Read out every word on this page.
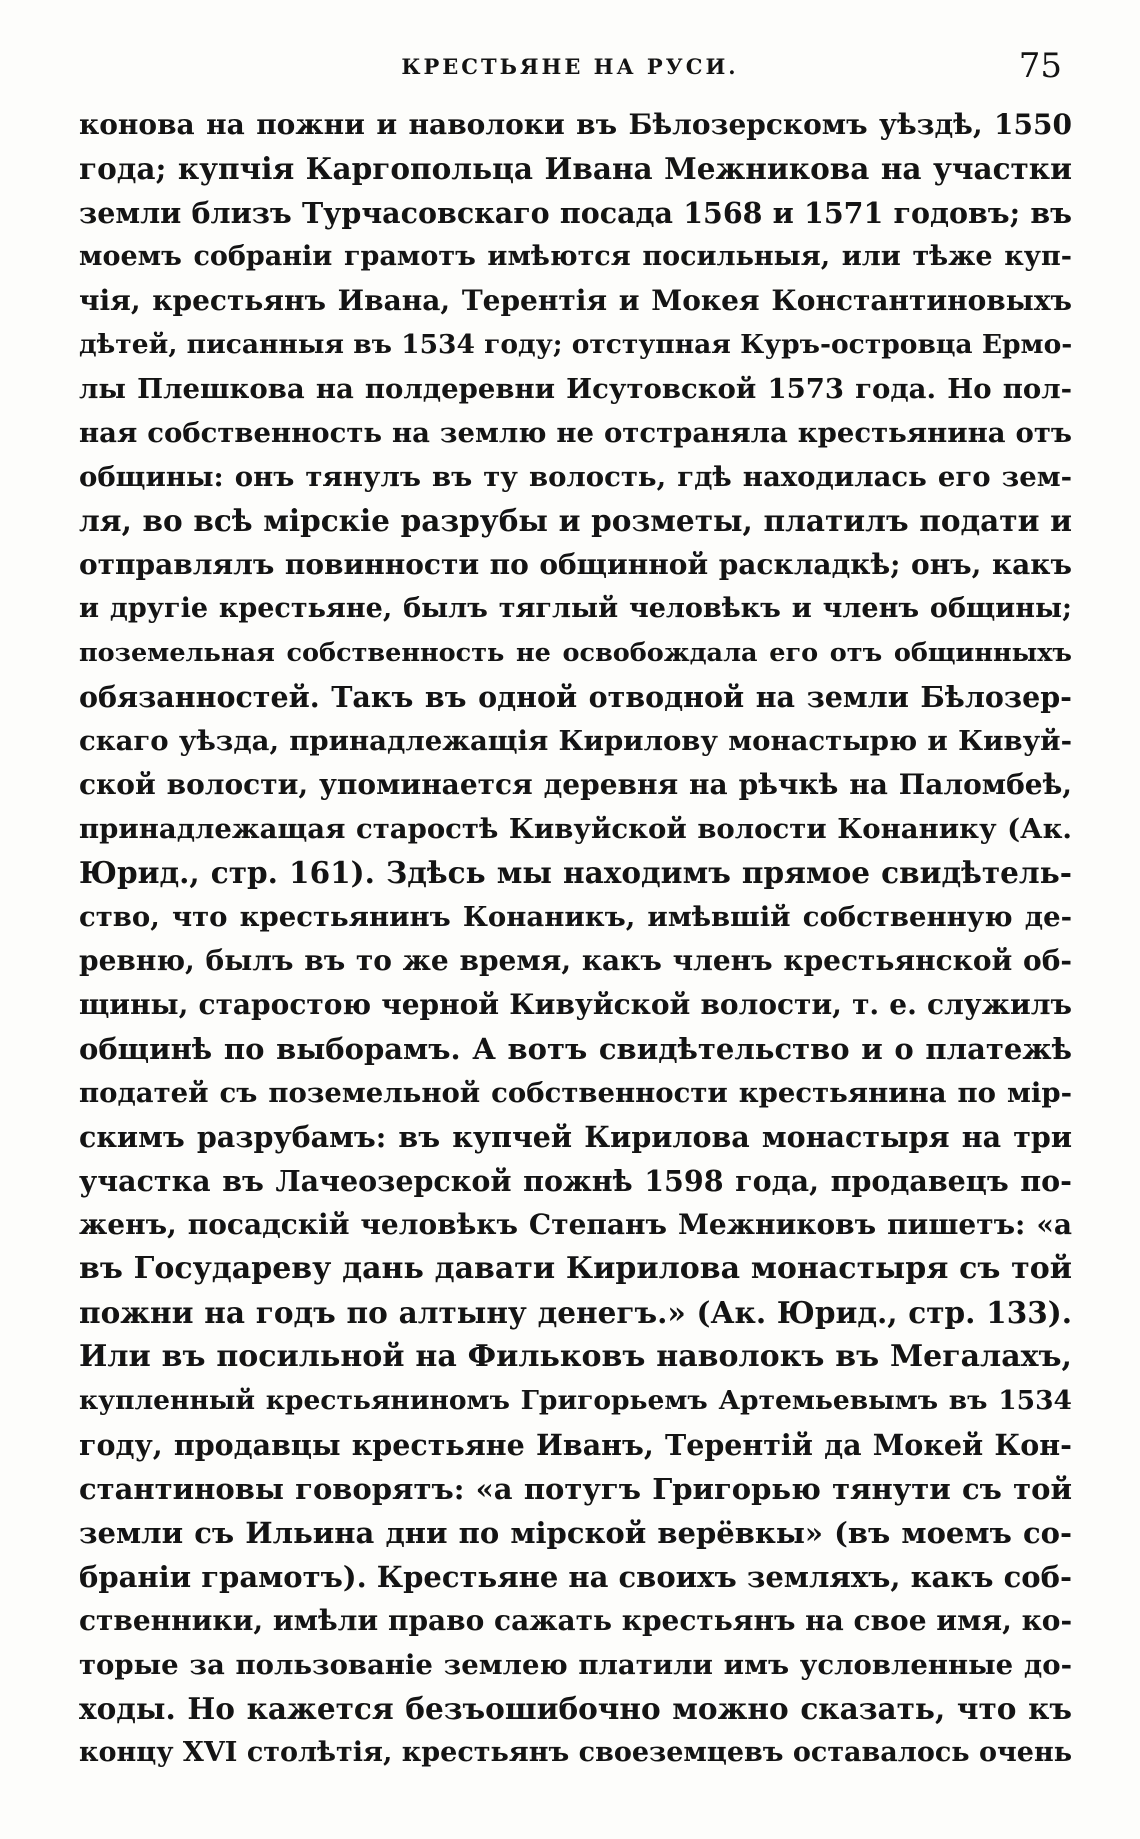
КРЕСТЬЯНЕ НА РУСИ.	75
конова на пожни и наволоки въ Бѣлозерскомъ уѣздѣ, 1550
года; купчія Каргопольца Ивана Межникова на участки
земли близъ Турчасовскаго посада 1568 и 1571 годовъ; въ
моемъ собраніи грамотъ имѣются посильныя, или тѣже куп-
чія, крестьянъ Ивана, Терентія и Мокея Константиновыхъ
дѣтей, писанныя въ 1534 году; отступная Куръ-островца Ермо-
лы Плешкова на полдеревни Исутовской 1573 года. Но пол-
ная собственность на землю не отстраняла крестьянина отъ
общины: онъ тянулъ въ ту волость, гдѣ находилась его зем-
ля, во всѣ мірскіе разрубы и розметы, платилъ подати и
отправлялъ повинности по общинной раскладкѣ; онъ, какъ
и другіе крестьяне, былъ тяглый человѣкъ и членъ общины;
поземельная собственность не освобождала его отъ общинныхъ
обязанностей. Такъ въ одной отводной на земли Бѣлозер-
скаго уѣзда, принадлежащія Кирилову монастырю и Кивуй-
ской волости, упоминается деревня на рѣчкѣ на Паломбеѣ,
принадлежащая старостѣ Кивуйской волости Конанику (Ак.
Юрид., стр. 161). Здѣсь мы находимъ прямое свидѣтель-
ство, что крестьянинъ Конаникъ, имѣвшій собственную де-
ревню, былъ въ то же время, какъ членъ крестьянской об-
щины, старостою черной Кивуйской волости, т. е. служилъ
общинѣ по выборамъ. А вотъ свидѣтельство и о платежѣ
податей съ поземельной собственности крестьянина по мір-
скимъ разрубамъ: въ купчей Кирилова монастыря на три
участка въ Лачеозерской пожнѣ 1598 года, продавецъ по-
женъ, посадскій человѣкъ Степанъ Межниковъ пишетъ: «а
въ Государеву дань давати Кирилова монастыря съ той
пожни на годъ по алтыну денегъ.» (Ак. Юрид., стр. 133).
Или въ посильной на Фильковъ наволокъ въ Мегалахъ,
купленный крестьяниномъ Григорьемъ Артемьевымъ въ 1534
году, продавцы крестьяне Иванъ, Терентій да Мокей Кон-
стантиновы говорятъ: «а потугъ Григорью тянути съ той
земли съ Ильина дни по мірской верёвкы» (въ моемъ со-
браніи грамотъ). Крестьяне на своихъ земляхъ, какъ соб-
ственники, имѣли право сажать крестьянъ на свое имя, ко-
торые за пользованіе землею платили имъ условленные до-
ходы. Но кажется безъошибочно можно сказать, что къ
концу XVI столѣтія, крестьянъ своеземцевъ оставалось очень
